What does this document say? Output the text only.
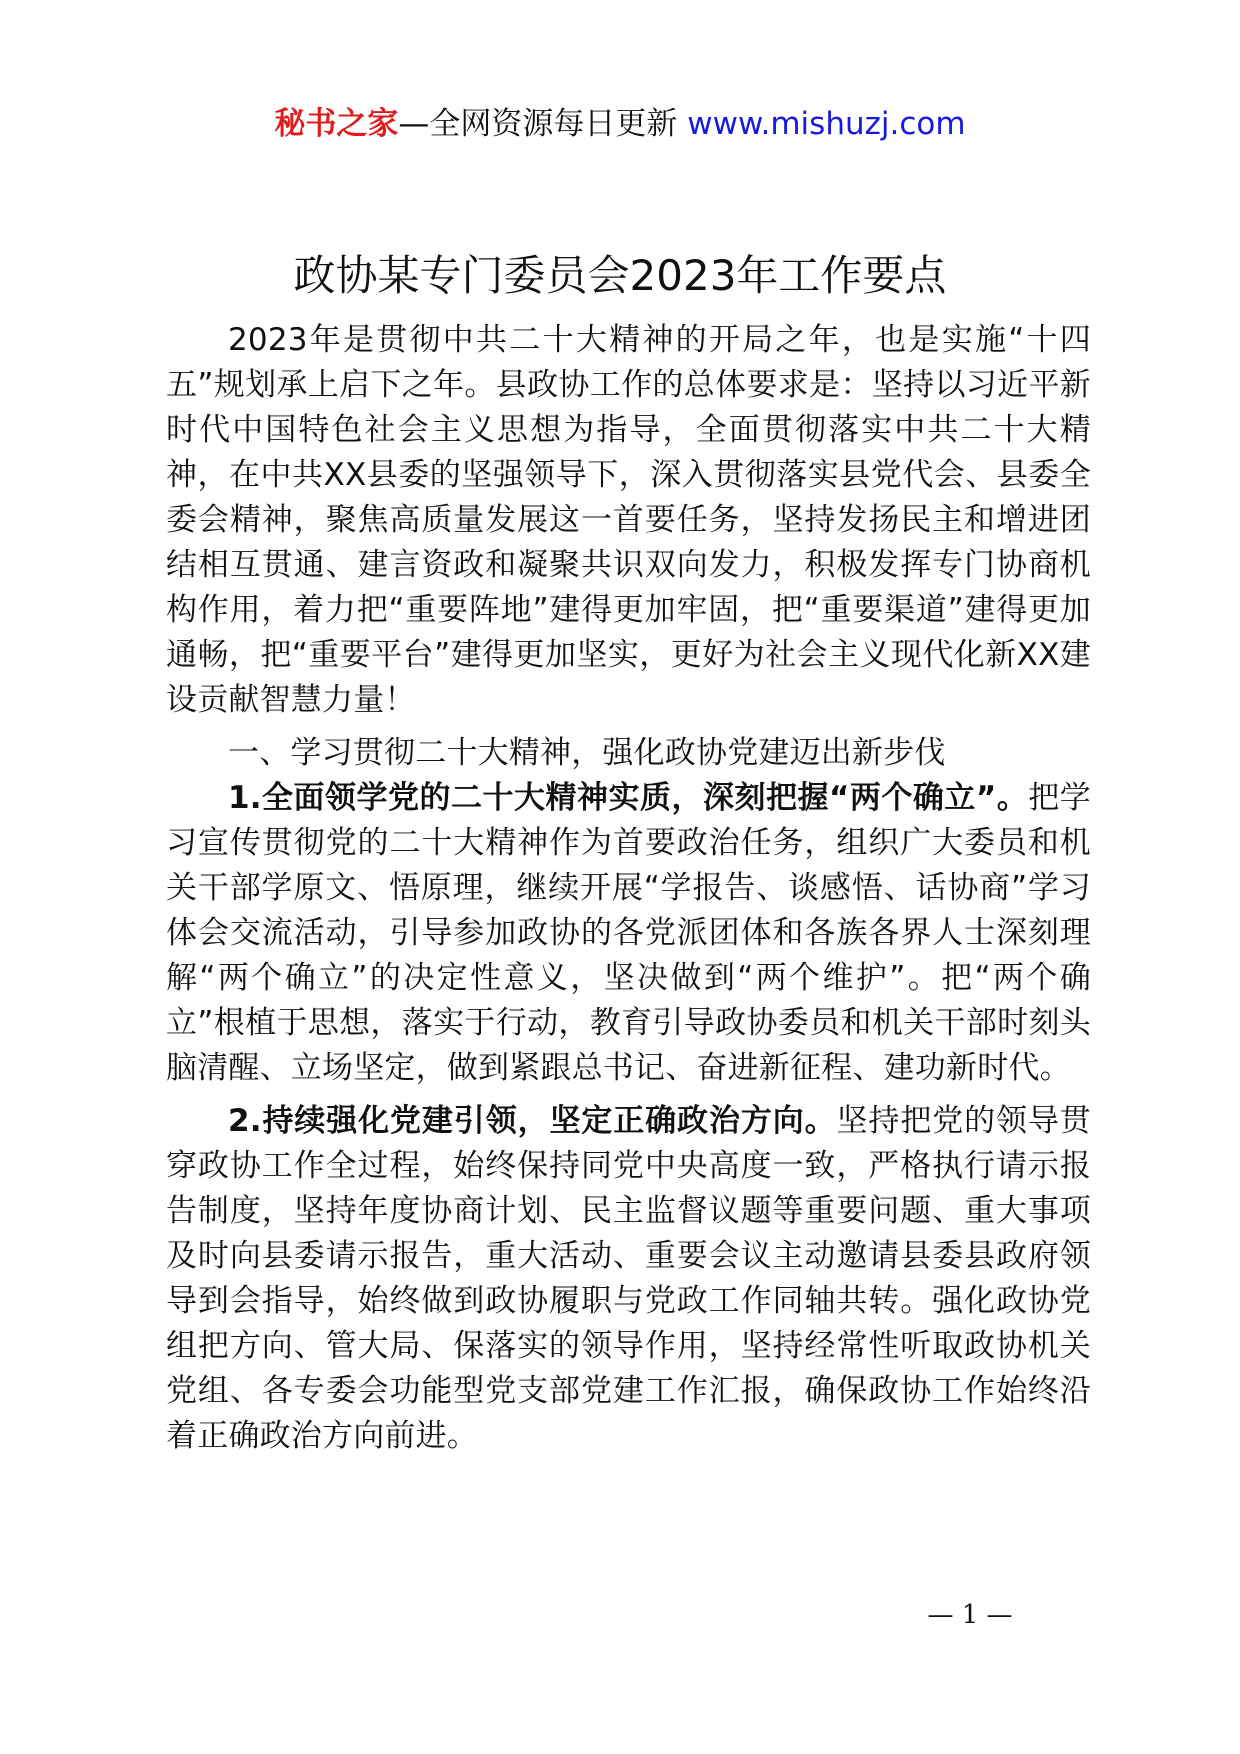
秘书之家—全网资源每日更新 www.mishuzj.com
政协某专门委员会2023年工作要点

2023年是贯彻中共二十大精神的开局之年，也是实施“十四五”规划承上启下之年。县政协工作的总体要求是：坚持以习近平新时代中国特色社会主义思想为指导，全面贯彻落实中共二十大精神，在中共XX县委的坚强领导下，深入贯彻落实县党代会、县委全委会精神，聚焦高质量发展这一首要任务，坚持发扬民主和增进团结相互贯通、建言资政和凝聚共识双向发力，积极发挥专门协商机构作用，着力把“重要阵地”建得更加牢固，把“重要渠道”建得更加通畅，把“重要平台”建得更加坚实，更好为社会主义现代化新XX建设贡献智慧力量！

一、学习贯彻二十大精神，强化政协党建迈出新步伐

1.全面领学党的二十大精神实质，深刻把握“两个确立”。把学习宣传贯彻党的二十大精神作为首要政治任务，组织广大委员和机关干部学原文、悟原理，继续开展“学报告、谈感悟、话协商”学习体会交流活动，引导参加政协的各党派团体和各族各界人士深刻理解“两个确立”的决定性意义，坚决做到“两个维护”。把“两个确立”根植于思想，落实于行动，教育引导政协委员和机关干部时刻头脑清醒、立场坚定，做到紧跟总书记、奋进新征程、建功新时代。

2.持续强化党建引领，坚定正确政治方向。坚持把党的领导贯穿政协工作全过程，始终保持同党中央高度一致，严格执行请示报告制度，坚持年度协商计划、民主监督议题等重要问题、重大事项及时向县委请示报告，重大活动、重要会议主动邀请县委县政府领导到会指导，始终做到政协履职与党政工作同轴共转。强化政协党组把方向、管大局、保落实的领导作用，坚持经常性听取政协机关党组、各专委会功能型党支部党建工作汇报，确保政协工作始终沿着正确政治方向前进。

— 1 —
